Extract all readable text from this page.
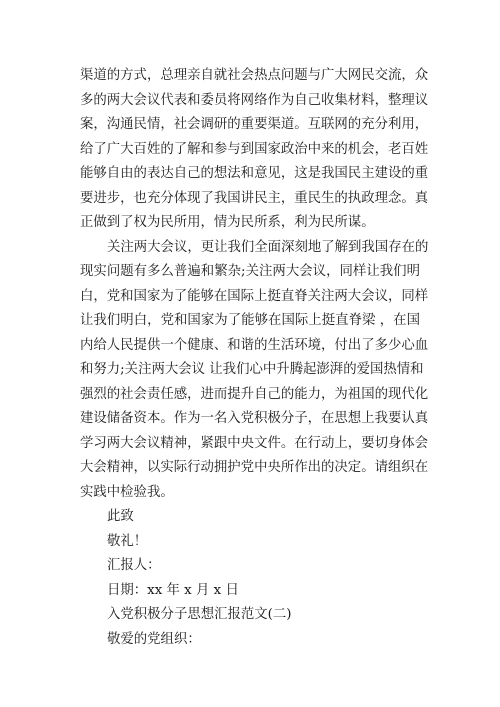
渠道的方式，总理亲自就社会热点问题与广大网民交流，众
多的两大会议代表和委员将网络作为自己收集材料，整理议
案，沟通民情，社会调研的重要渠道。互联网的充分利用，
给了广大百姓的了解和参与到国家政治中来的机会，老百姓
能够自由的表达自己的想法和意见，这是我国民主建设的重
要进步，也充分体现了我国讲民主，重民生的执政理念。真
正做到了权为民所用，情为民所系，利为民所谋。
关注两大会议，更让我们全面深刻地了解到我国存在的
现实问题有多么普遍和繁杂;关注两大会议，同样让我们明
白，党和国家为了能够在国际上挺直脊关注两大会议，同样
让我们明白，党和国家为了能够在国际上挺直脊梁 ，在国
内给人民提供一个健康、和谐的生活环境，付出了多少心血
和努力;关注两大会议 让我们心中升腾起澎湃的爱国热情和
强烈的社会责任感，进而提升自己的能力，为祖国的现代化
建设储备资本。作为一名入党积极分子，在思想上我要认真
学习两大会议精神，紧跟中央文件。在行动上，要切身体会
大会精神，以实际行动拥护党中央所作出的决定。请组织在
实践中检验我。
此致
敬礼！
汇报人：
日期：xx 年 x 月 x 日
入党积极分子思想汇报范文(二)
敬爱的党组织：
